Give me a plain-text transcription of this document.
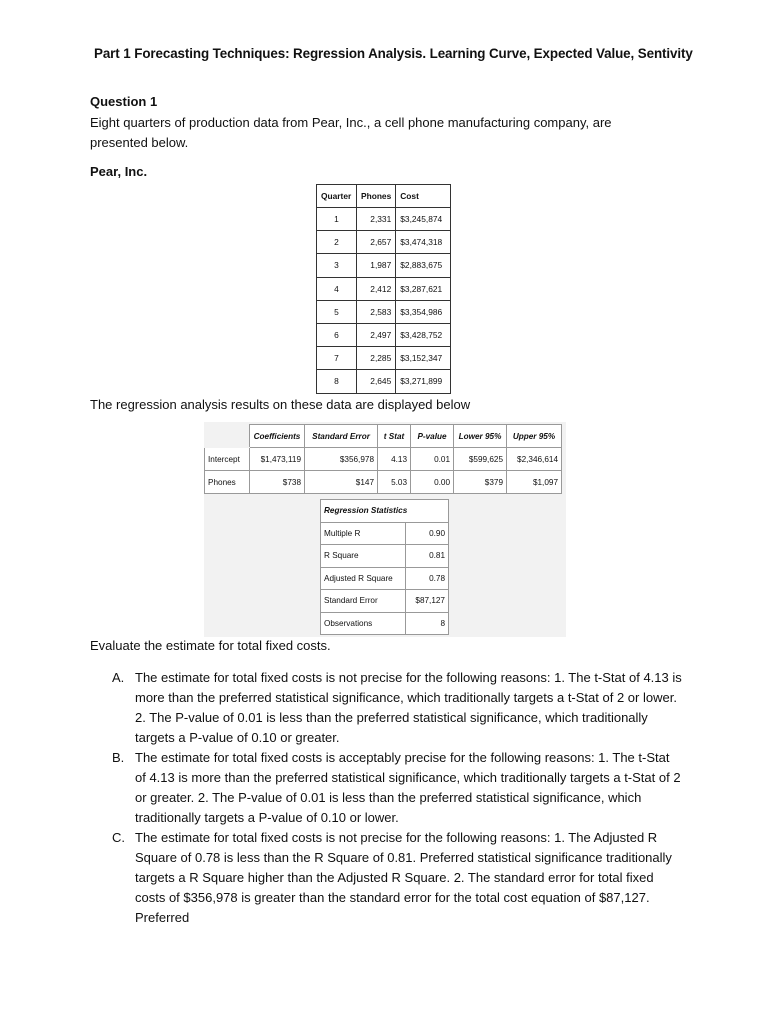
Part 1 Forecasting Techniques: Regression Analysis. Learning Curve, Expected Value, Sentivity
Question 1
Eight quarters of production data from Pear, Inc., a cell phone manufacturing company, are presented below.
Pear, Inc.
Quarter	Phones	Cost
1	2,331	$3,245,874
2	2,657	$3,474,318
3	1,987	$2,883,675
4	2,412	$3,287,621
5	2,583	$3,354,986
6	2,497	$3,428,752
7	2,285	$3,152,347
8	2,645	$3,271,899
The regression analysis results on these data are displayed below
	Coefficients	Standard Error	t Stat	P-value	Lower 95%	Upper 95%
Intercept	$1,473,119	$356,978	4.13	0.01	$599,625	$2,346,614
Phones	$738	$147	5.03	0.00	$379	$1,097
Regression Statistics	
Multiple R	0.90
R Square	0.81
Adjusted R Square	0.78
Standard Error	$87,127
Observations	8
Evaluate the estimate for total fixed costs.
A. The estimate for total fixed costs is not precise for the following reasons: 1. The t-Stat of 4.13 is more than the preferred statistical significance, which traditionally targets a t-Stat of 2 or lower. 2. The P-value of 0.01 is less than the preferred statistical significance, which traditionally targets a P-value of 0.10 or greater.
B. The estimate for total fixed costs is acceptably precise for the following reasons: 1. The t-Stat of 4.13 is more than the preferred statistical significance, which traditionally targets a t-Stat of 2 or greater. 2. The P-value of 0.01 is less than the preferred statistical significance, which traditionally targets a P-value of 0.10 or lower.
C. The estimate for total fixed costs is not precise for the following reasons: 1. The Adjusted R Square of 0.78 is less than the R Square of 0.81. Preferred statistical significance traditionally targets a R Square higher than the Adjusted R Square. 2. The standard error for total fixed costs of $356,978 is greater than the standard error for the total cost equation of $87,127. Preferred
